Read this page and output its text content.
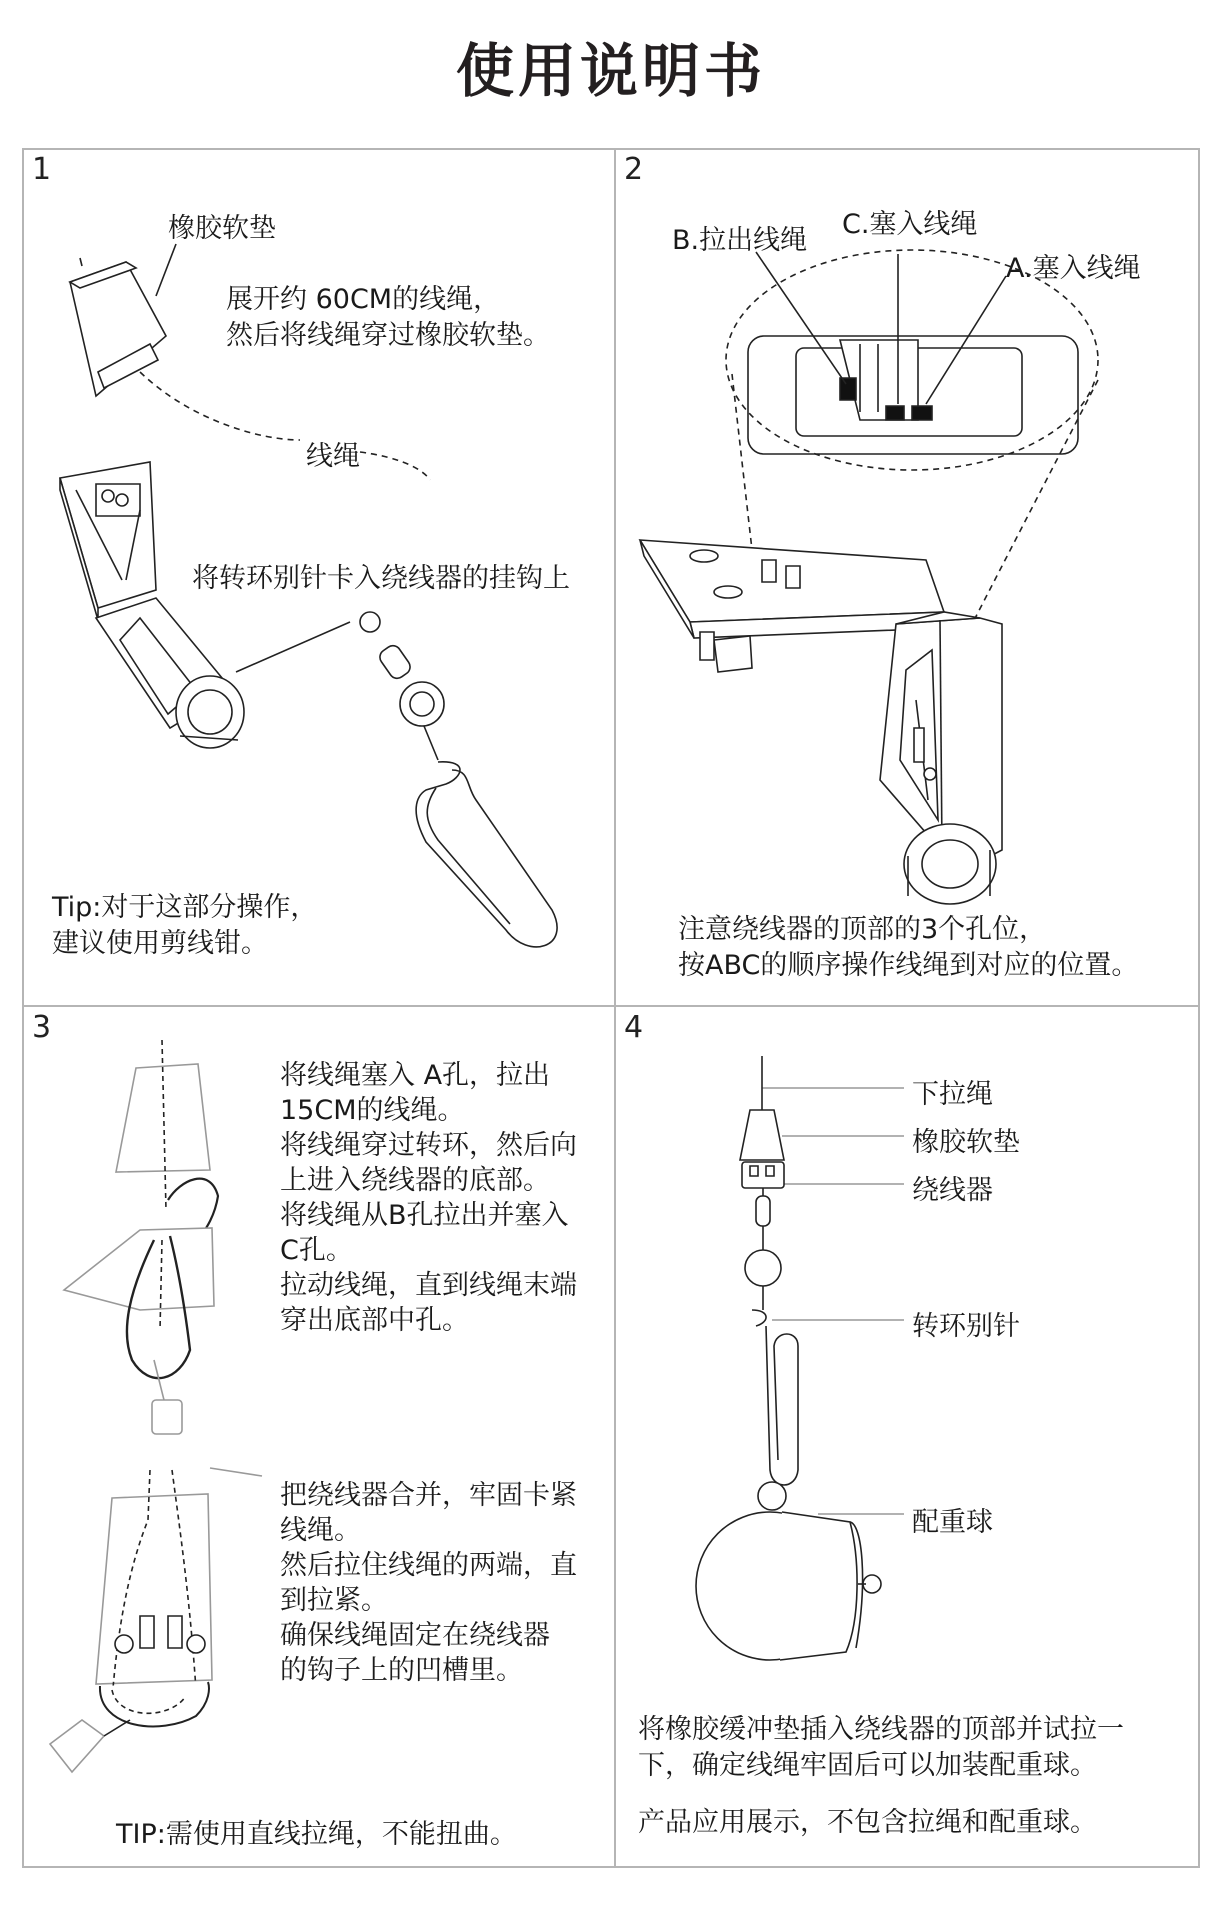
使用说明书
1
橡胶软垫
展开约 60CM的线绳，
然后将线绳穿过橡胶软垫。
线绳
将转环别针卡入绕线器的挂钩上
Tip:对于这部分操作，
建议使用剪线钳。
2
B.拉出线绳
C.塞入线绳
A.塞入线绳
注意绕线器的顶部的3个孔位，
按ABC的顺序操作线绳到对应的位置。
3
将线绳塞入 A孔，拉出
15CM的线绳。
将线绳穿过转环，然后向
上进入绕线器的底部。
将线绳从B孔拉出并塞入
C孔。
拉动线绳，直到线绳末端
穿出底部中孔。
把绕线器合并，牢固卡紧
线绳。
然后拉住线绳的两端，直
到拉紧。
确保线绳固定在绕线器
的钩子上的凹槽里。
TIP:需使用直线拉绳，不能扭曲。
4
下拉绳
橡胶软垫
绕线器
转环别针
配重球
将橡胶缓冲垫插入绕线器的顶部并试拉一
下，确定线绳牢固后可以加装配重球。
产品应用展示，不包含拉绳和配重球。
